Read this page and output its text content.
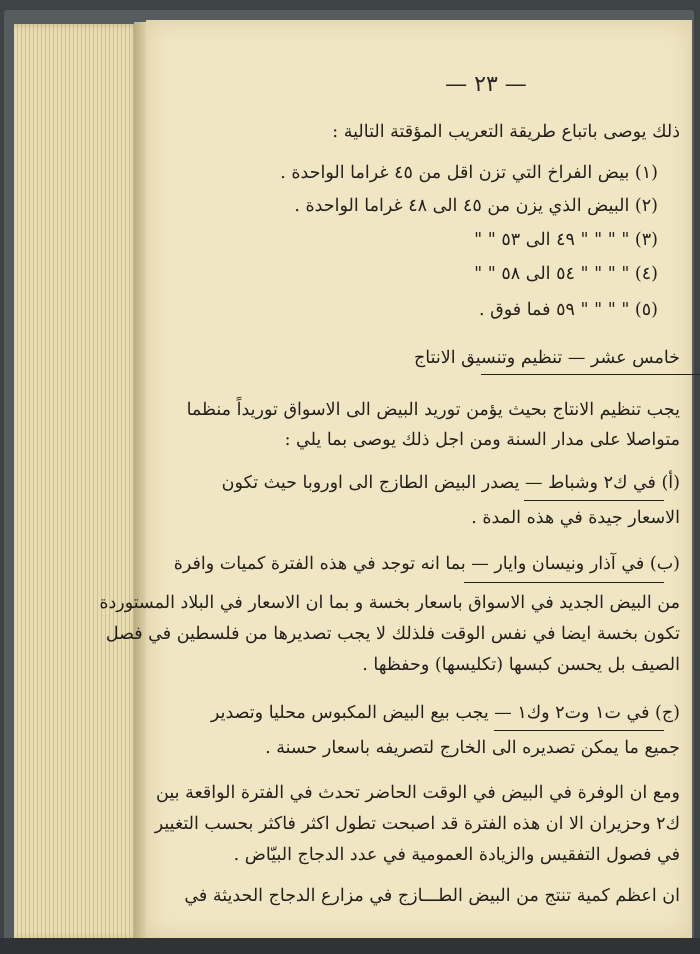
— ٢٣ —
ذلك يوصى باتباع طريقة التعريب المؤقتة التالية :
(١) بيض الفراخ التي تزن اقل من ٤٥ غراما الواحدة .
(٢) البيض الذي يزن من ٤٥ الى ٤٨ غراما الواحدة .
(٣) " " " " ٤٩ الى ٥٣ " "
(٤) " " " " ٥٤ الى ٥٨ " "
(٥) " " " " ٥٩ فما فوق .
خامس عشر — تنظيم وتنسيق الانتاج
يجب تنظيم الانتاج بحيث يؤمن توريد البيض الى الاسواق توريداً منظما
متواصلا على مدار السنة ومن اجل ذلك يوصى بما يلي :
(أ) في ك٢ وشباط — يصدر البيض الطازج الى اوروبا حيث تكون
الاسعار جيدة في هذه المدة .
(ب) في آذار ونيسان وايار — بما انه توجد في هذه الفترة كميات وافرة
من البيض الجديد في الاسواق باسعار بخسة و بما ان الاسعار في البلاد المستوردة
تكون بخسة ايضا في نفس الوقت فلذلك لا يجب تصديرها من فلسطين في فصل
الصيف بل يحسن كبسها (تكليسها) وحفظها .
(ج) في ت١ وت٢ وك١ — يجب بيع البيض المكبوس محليا وتصدير
جميع ما يمكن تصديره الى الخارج لتصريفه باسعار حسنة .
ومع ان الوفرة في البيض في الوقت الحاضر تحدث في الفترة الواقعة بين
ك٢ وحزيران الا ان هذه الفترة قد اصبحت تطول اكثر فاكثر بحسب التغيير
في فصول التفقيس والزيادة العمومية في عدد الدجاج البيّاض .
ان اعظم كمية تنتج من البيض الطـــازج في مزارع الدجاج الحديثة في
